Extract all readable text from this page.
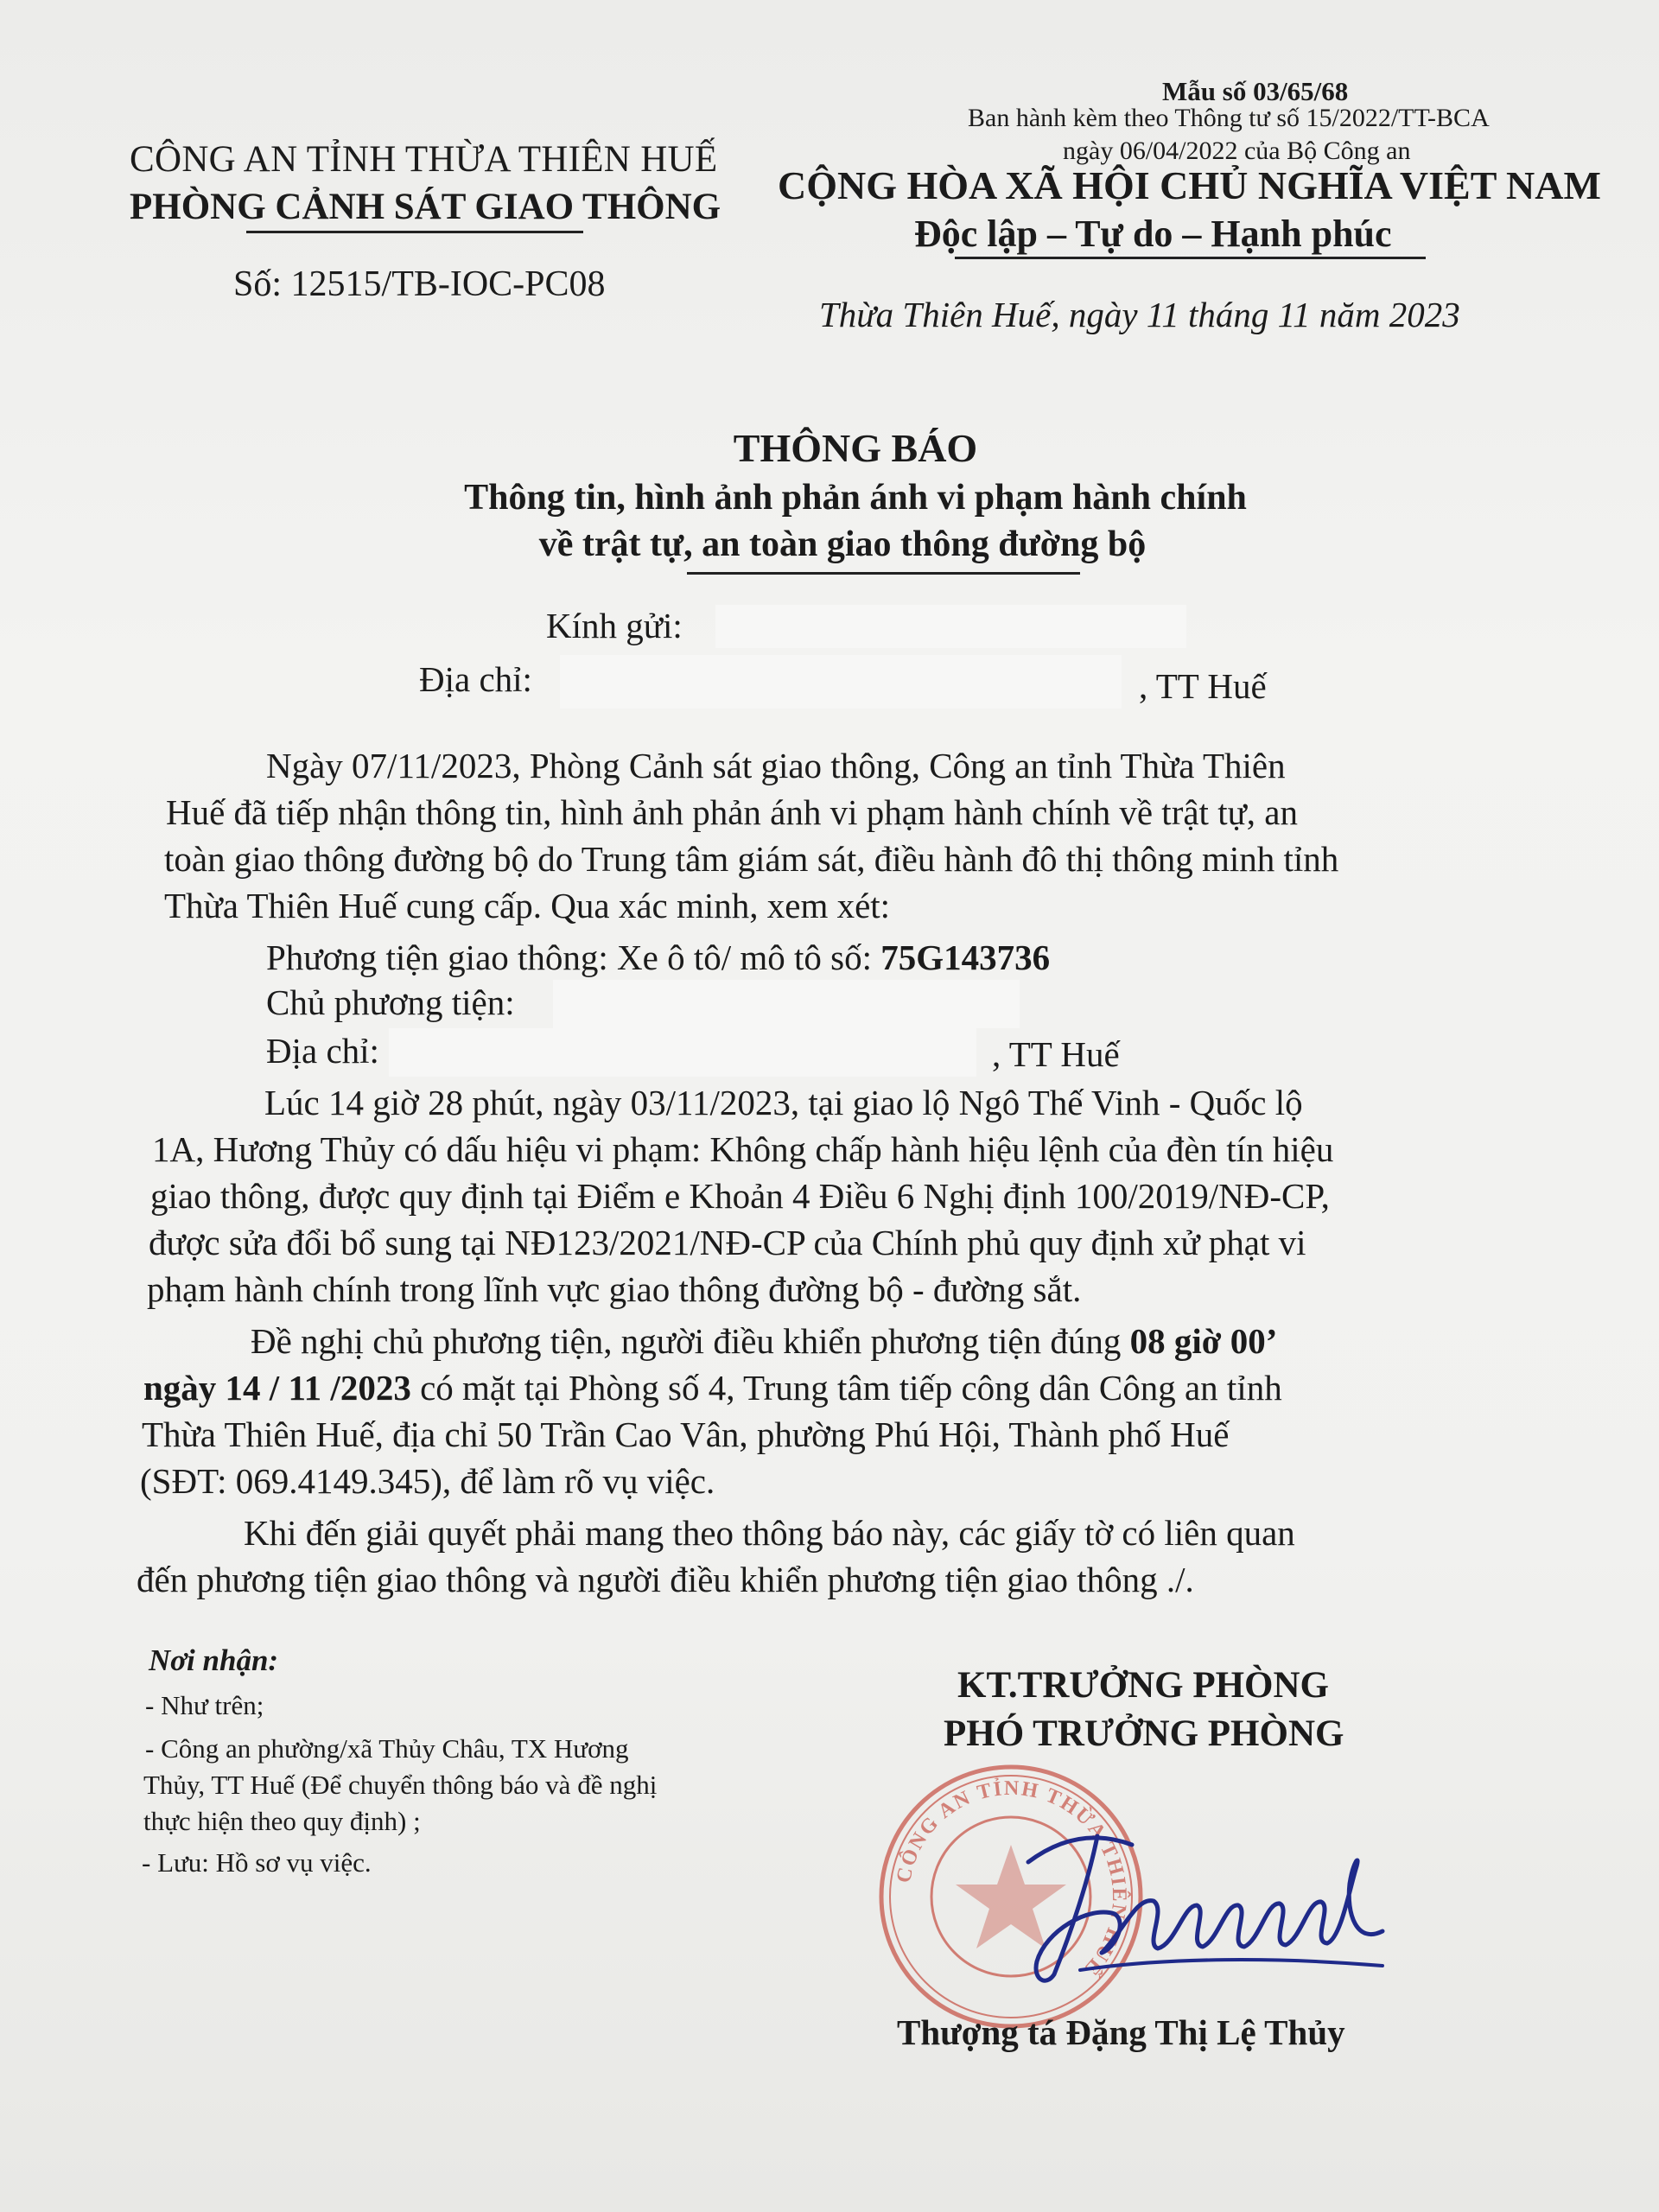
CÔNG AN TỈNH THỪA THIÊN HUẾ
PHÒNG CẢNH SÁT GIAO THÔNG
Số: 12515/TB-IOC-PC08
Mẫu số 03/65/68
Ban hành kèm theo Thông tư số 15/2022/TT-BCA
ngày 06/04/2022 của Bộ Công an
CỘNG HÒA XÃ HỘI CHỦ NGHĨA VIỆT NAM
Độc lập – Tự do – Hạnh phúc
Thừa Thiên Huế, ngày 11 tháng 11 năm 2023
THÔNG BÁO
Thông tin, hình ảnh phản ánh vi phạm hành chính
về trật tự, an toàn giao thông đường bộ
Kính gửi:
Địa chỉ:	, TT Huế
Ngày 07/11/2023, Phòng Cảnh sát giao thông, Công an tỉnh Thừa Thiên
Huế đã tiếp nhận thông tin, hình ảnh phản ánh vi phạm hành chính về trật tự, an
toàn giao thông đường bộ do Trung tâm giám sát, điều hành đô thị thông minh tỉnh
Thừa Thiên Huế cung cấp. Qua xác minh, xem xét:
Phương tiện giao thông: Xe ô tô/ mô tô số: 75G143736
Chủ phương tiện:
Địa chỉ:	, TT Huế
Lúc 14 giờ 28 phút, ngày 03/11/2023, tại giao lộ Ngô Thế Vinh - Quốc lộ
1A, Hương Thủy có dấu hiệu vi phạm: Không chấp hành hiệu lệnh của đèn tín hiệu
giao thông, được quy định tại Điểm e Khoản 4 Điều 6 Nghị định 100/2019/NĐ-CP,
được sửa đổi bổ sung tại NĐ123/2021/NĐ-CP của Chính phủ quy định xử phạt vi
phạm hành chính trong lĩnh vực giao thông đường bộ - đường sắt.
Đề nghị chủ phương tiện, người điều khiển phương tiện đúng 08 giờ 00’
ngày 14 / 11 /2023 có mặt tại Phòng số 4, Trung tâm tiếp công dân Công an tỉnh
Thừa Thiên Huế, địa chỉ 50 Trần Cao Vân, phường Phú Hội, Thành phố Huế
(SĐT: 069.4149.345), để làm rõ vụ việc.
Khi đến giải quyết phải mang theo thông báo này, các giấy tờ có liên quan
đến phương tiện giao thông và người điều khiển phương tiện giao thông ./.
Nơi nhận:
- Như trên;
- Công an phường/xã Thủy Châu, TX Hương
Thủy, TT Huế (Để chuyển thông báo và đề nghị
thực hiện theo quy định) ;
- Lưu: Hồ sơ vụ việc.
KT.TRƯỞNG PHÒNG
PHÓ TRƯỞNG PHÒNG
CÔNG AN TỈNH THỪA THIÊN HUẾ
Thượng tá Đặng Thị Lệ Thủy
